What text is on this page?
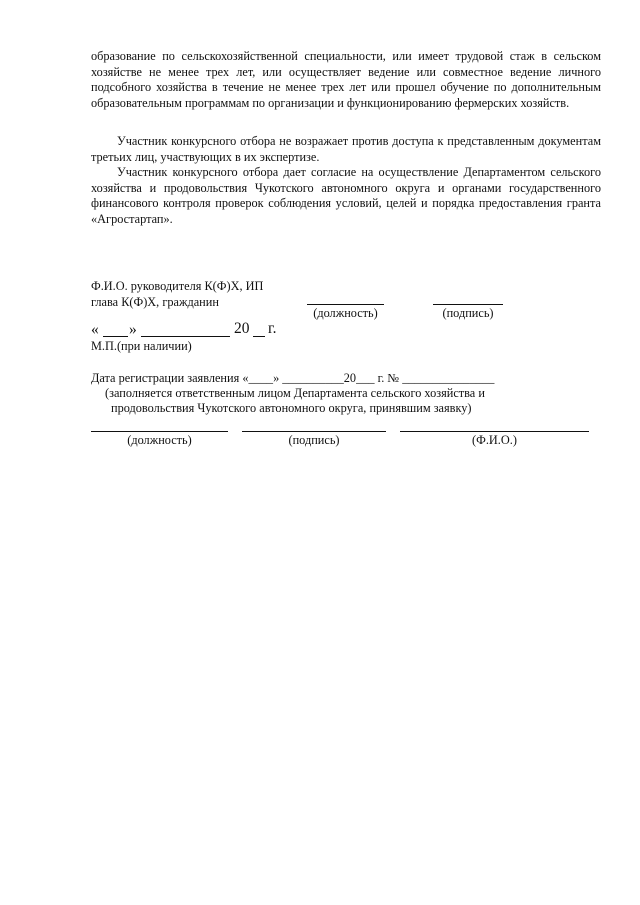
образование по сельскохозяйственной специальности, или имеет трудовой стаж в сельском хозяйстве не менее трех лет, или осуществляет ведение или совместное ведение личного подсобного хозяйства в течение не менее трех лет или прошел обучение по дополнительным образовательным программам по организации и функционированию фермерских хозяйств.

Участник конкурсного отбора не возражает против доступа к представленным документам третьих лиц, участвующих в их экспертизе.

Участник конкурсного отбора дает согласие на осуществление Департаментом сельского хозяйства и продовольствия Чукотского автономного округа и органами государственного финансового контроля проверок соблюдения условий, целей и порядка предоставления гранта «Агростартап».

Ф.И.О. руководителя К(Ф)Х, ИП
глава К(Ф)Х, гражданин
(должность)	(подпись)
« »	20 г.
М.П.(при наличии)
Дата регистрации заявления «____» __________20___ г. № _______________
(заполняется ответственным лицом Департамента сельского хозяйства и
продовольствия Чукотского автономного округа, принявшим заявку)
(должность)	(подпись)	(Ф.И.О.)
